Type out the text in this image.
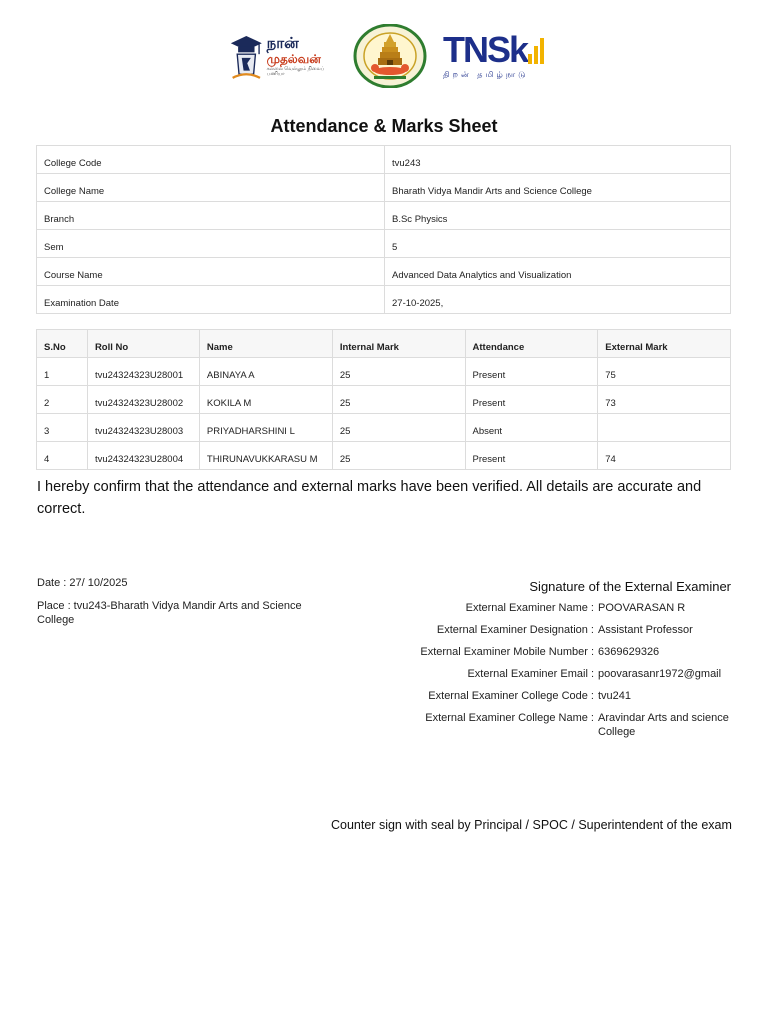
நான்
முதல்வன்
கல்லை வெல்லும் நிலைப் பணியா
TNSk
திறன் தமிழ்நாடு
Attendance & Marks Sheet
College Code	tvu243
College Name	Bharath Vidya Mandir Arts and Science College
Branch	B.Sc Physics
Sem	5
Course Name	Advanced Data Analytics and Visualization
Examination Date	27-10-2025,
S.No	Roll No	Name	Internal Mark	Attendance	External Mark
1	tvu24324323U28001	ABINAYA A	25	Present	75
2	tvu24324323U28002	KOKILA M	25	Present	73
3	tvu24324323U28003	PRIYADHARSHINI L	25	Absent	
4	tvu24324323U28004	THIRUNAVUKKARASU M	25	Present	74

I hereby confirm that the attendance and external marks have been verified. All details are accurate and correct.

Date : 27/ 10/2025
Place : tvu243-Bharath Vidya Mandir Arts and Science College
Signature of the External Examiner
External Examiner Name : POOVARASAN R
External Examiner Designation : Assistant Professor
External Examiner Mobile Number : 6369629326
External Examiner Email : poovarasanr1972@gmail
External Examiner College Code : tvu241
External Examiner College Name : Aravindar Arts and science College

Counter sign with seal by Principal / SPOC / Superintendent of the exam
